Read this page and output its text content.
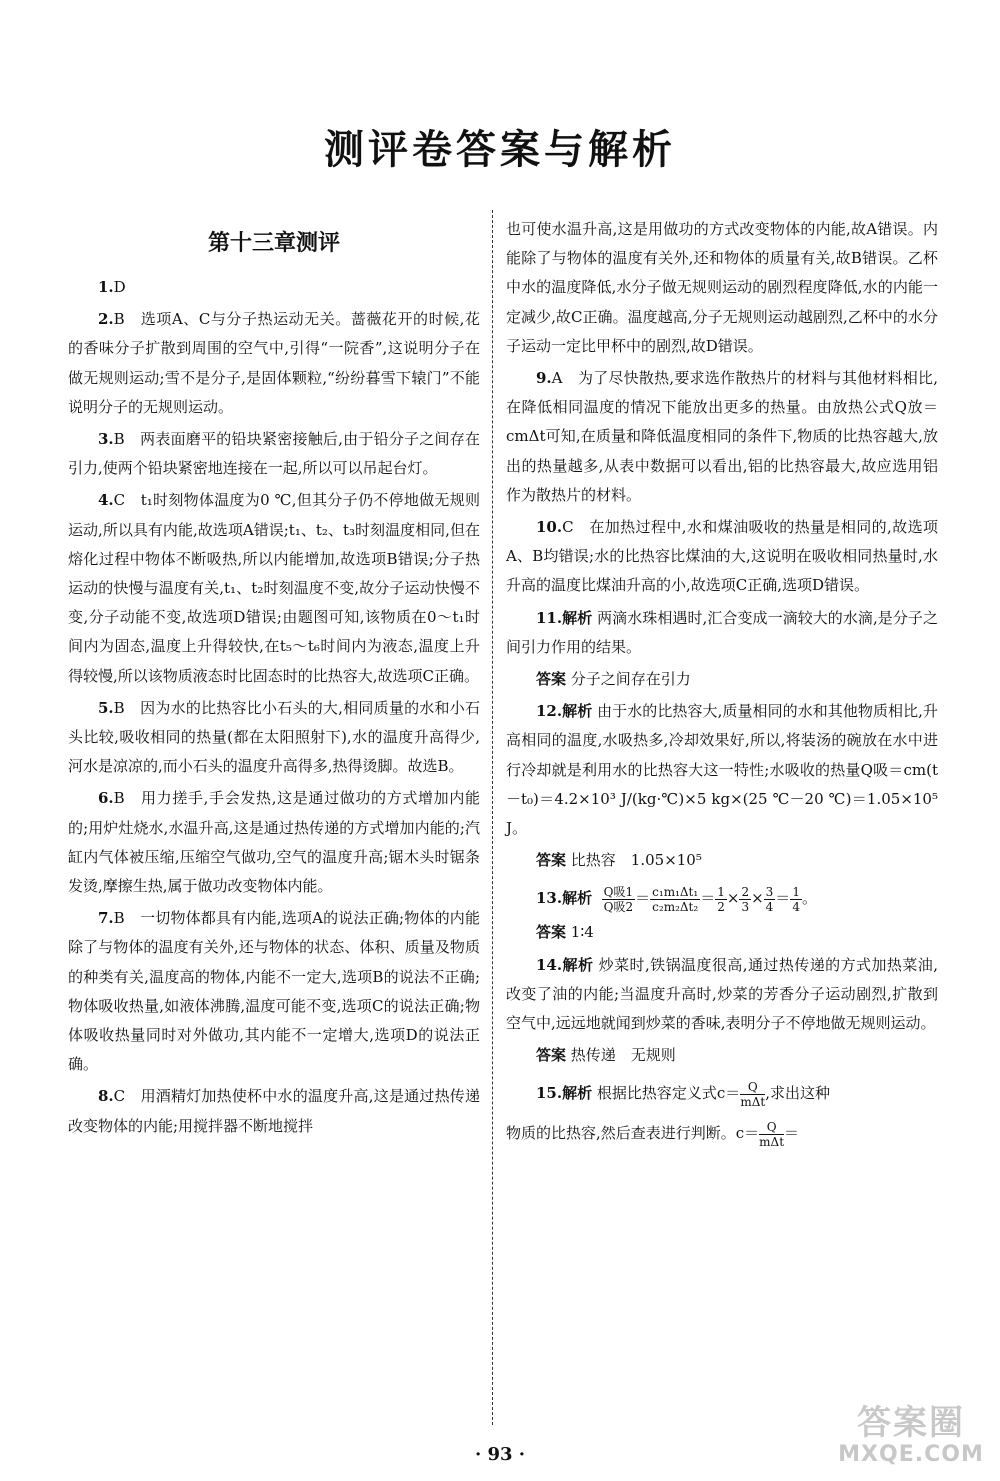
测评卷答案与解析
第十三章测评

1.D

2.B　选项A、C与分子热运动无关。蔷薇花开的时候,花的香味分子扩散到周围的空气中,引得“一院香”,这说明分子在做无规则运动;雪不是分子,是固体颗粒,“纷纷暮雪下辕门”不能说明分子的无规则运动。

3.B　两表面磨平的铅块紧密接触后,由于铅分子之间存在引力,使两个铅块紧密地连接在一起,所以可以吊起台灯。

4.C　t₁时刻物体温度为0 ℃,但其分子仍不停地做无规则运动,所以具有内能,故选项A错误;t₁、t₂、t₃时刻温度相同,但在熔化过程中物体不断吸热,所以内能增加,故选项B错误;分子热运动的快慢与温度有关,t₁、t₂时刻温度不变,故分子运动快慢不变,分子动能不变,故选项D错误;由题图可知,该物质在0～t₁时间内为固态,温度上升得较快,在t₅～t₆时间内为液态,温度上升得较慢,所以该物质液态时比固态时的比热容大,故选项C正确。

5.B　因为水的比热容比小石头的大,相同质量的水和小石头比较,吸收相同的热量(都在太阳照射下),水的温度升高得少,河水是凉凉的,而小石头的温度升高得多,热得烫脚。故选B。

6.B　用力搓手,手会发热,这是通过做功的方式增加内能的;用炉灶烧水,水温升高,这是通过热传递的方式增加内能的;汽缸内气体被压缩,压缩空气做功,空气的温度升高;锯木头时锯条发烫,摩擦生热,属于做功改变物体内能。

7.B　一切物体都具有内能,选项A的说法正确;物体的内能除了与物体的温度有关外,还与物体的状态、体积、质量及物质的种类有关,温度高的物体,内能不一定大,选项B的说法不正确;物体吸收热量,如液体沸腾,温度可能不变,选项C的说法正确;物体吸收热量同时对外做功,其内能不一定增大,选项D的说法正确。

8.C　用酒精灯加热使杯中水的温度升高,这是通过热传递改变物体的内能;用搅拌器不断地搅拌

也可使水温升高,这是用做功的方式改变物体的内能,故A错误。内能除了与物体的温度有关外,还和物体的质量有关,故B错误。乙杯中水的温度降低,水分子做无规则运动的剧烈程度降低,水的内能一定减少,故C正确。温度越高,分子无规则运动越剧烈,乙杯中的水分子运动一定比甲杯中的剧烈,故D错误。

9.A　为了尽快散热,要求选作散热片的材料与其他材料相比,在降低相同温度的情况下能放出更多的热量。由放热公式Q放＝cmΔt可知,在质量和降低温度相同的条件下,物质的比热容越大,放出的热量越多,从表中数据可以看出,铝的比热容最大,故应选用铝作为散热片的材料。

10.C　在加热过程中,水和煤油吸收的热量是相同的,故选项A、B均错误;水的比热容比煤油的大,这说明在吸收相同热量时,水升高的温度比煤油升高的小,故选项C正确,选项D错误。

11.解析 两滴水珠相遇时,汇合变成一滴较大的水滴,是分子之间引力作用的结果。

答案 分子之间存在引力

12.解析 由于水的比热容大,质量相同的水和其他物质相比,升高相同的温度,水吸热多,冷却效果好,所以,将装汤的碗放在水中进行冷却就是利用水的比热容大这一特性;水吸收的热量Q吸＝cm(t－t₀)＝4.2×10³ J/(kg·℃)×5 kg×(25 ℃－20 ℃)＝1.05×10⁵ J。

答案 比热容　1.05×10⁵

13.解析 $\frac{\text{Q吸1}}{\text{Q吸2}} = \frac{\text{c₁m₁Δt₁}}{\text{c₂m₂Δt₂}} = \frac{1}{2} \times \frac{2}{3} \times \frac{3}{4} = \frac{1}{4}$ 。

答案 1∶4

14.解析 炒菜时,铁锅温度很高,通过热传递的方式加热菜油,改变了油的内能;当温度升高时,炒菜的芳香分子运动剧烈,扩散到空气中,远远地就闻到炒菜的香味,表明分子不停地做无规则运动。

答案 热传递　无规则

15.解析 根据比热容定义式$c= \frac{Q}{\text{mΔt}}$ ,求出这种
物质的比热容,然后查表进行判断。$c= \frac{Q}{\text{mΔt}}$ ＝
· 93 ·
答案圈
MXQE.COM
